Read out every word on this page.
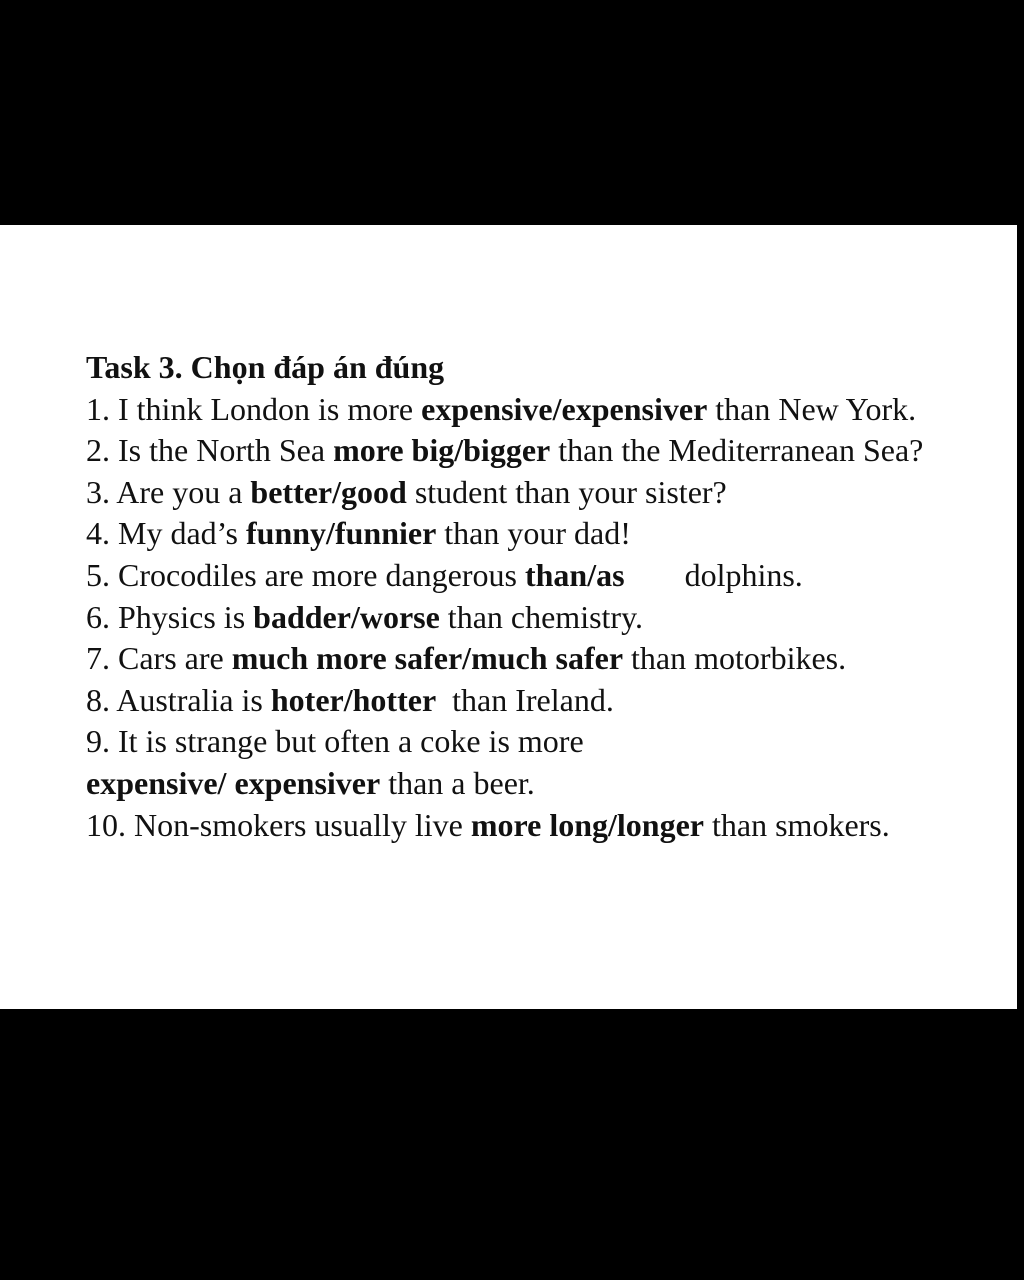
Task 3. Chọn đáp án đúng

1. I think London is more expensive/expensiver than New York.

2. Is the North Sea more big/bigger than the Mediterranean Sea?

3. Are you a better/good student than your sister?

4. My dad’s funny/funnier than your dad!

5. Crocodiles are more dangerous than/as dolphins.

6. Physics is badder/worse than chemistry.

7. Cars are much more safer/much safer than motorbikes.

8. Australia is hoter/hotter  than Ireland.

9. It is strange but often a coke is more
expensive/ expensiver than a beer.

10. Non-smokers usually live more long/longer than smokers.
